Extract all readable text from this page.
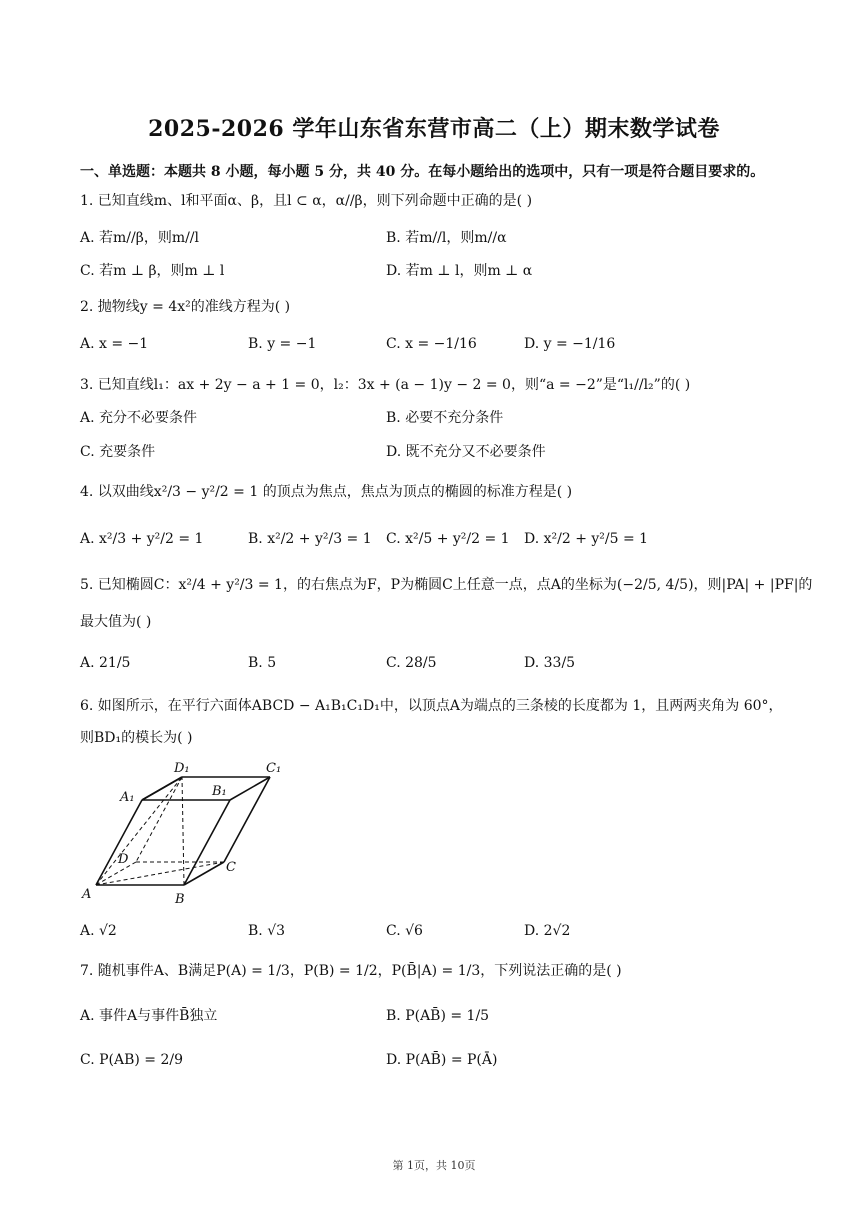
2025-2026 学年山东省东营市高二（上）期末数学试卷
一、单选题：本题共 8 小题，每小题 5 分，共 40 分。在每小题给出的选项中，只有一项是符合题目要求的。
1. 已知直线m、l和平面α、β，且l ⊂ α，α//β，则下列命题中正确的是( )
A. 若m//β，则m//l	B. 若m//l，则m//α
C. 若m ⊥ β，则m ⊥ l	D. 若m ⊥ l，则m ⊥ α
2. 抛物线y = 4x²的准线方程为( )
A. x = −1	B. y = −1	C. x = −1/16	D. y = −1/16
3. 已知直线l₁：ax + 2y − a + 1 = 0，l₂：3x + (a − 1)y − 2 = 0，则“a = −2”是“l₁//l₂”的( )
A. 充分不必要条件	B. 必要不充分条件
C. 充要条件	D. 既不充分又不必要条件
4. 以双曲线x²/3 − y²/2 = 1 的顶点为焦点，焦点为顶点的椭圆的标准方程是( )
A. x²/3 + y²/2 = 1	B. x²/2 + y²/3 = 1 C. x²/5 + y²/2 = 1 D. x²/2 + y²/5 = 1
5. 已知椭圆C：x²/4 + y²/3 = 1，的右焦点为F，P为椭圆C上任意一点，点A的坐标为(−2/5, 4/5)，则|PA| + |PF|的
最大值为( )
A. 21/5	B. 5	C. 28/5	D. 33/5
6. 如图所示，在平行六面体ABCD − A₁B₁C₁D₁中，以顶点A为端点的三条棱的长度都为 1，且两两夹角为 60°，
则BD₁的模长为( )
D₁	C₁
A₁	B₁
D
C
A	B
A. √2	B. √3	C. √6	D. 2√2
7. 随机事件A、B满足P(A) = 1/3，P(B) = 1/2，P(B̄|A) = 1/3，下列说法正确的是( )
A. 事件A与事件B̄独立	B. P(AB̄) = 1/5
C. P(AB) = 2/9	D. P(AB̄) = P(Ā)
第 1页，共 10页
